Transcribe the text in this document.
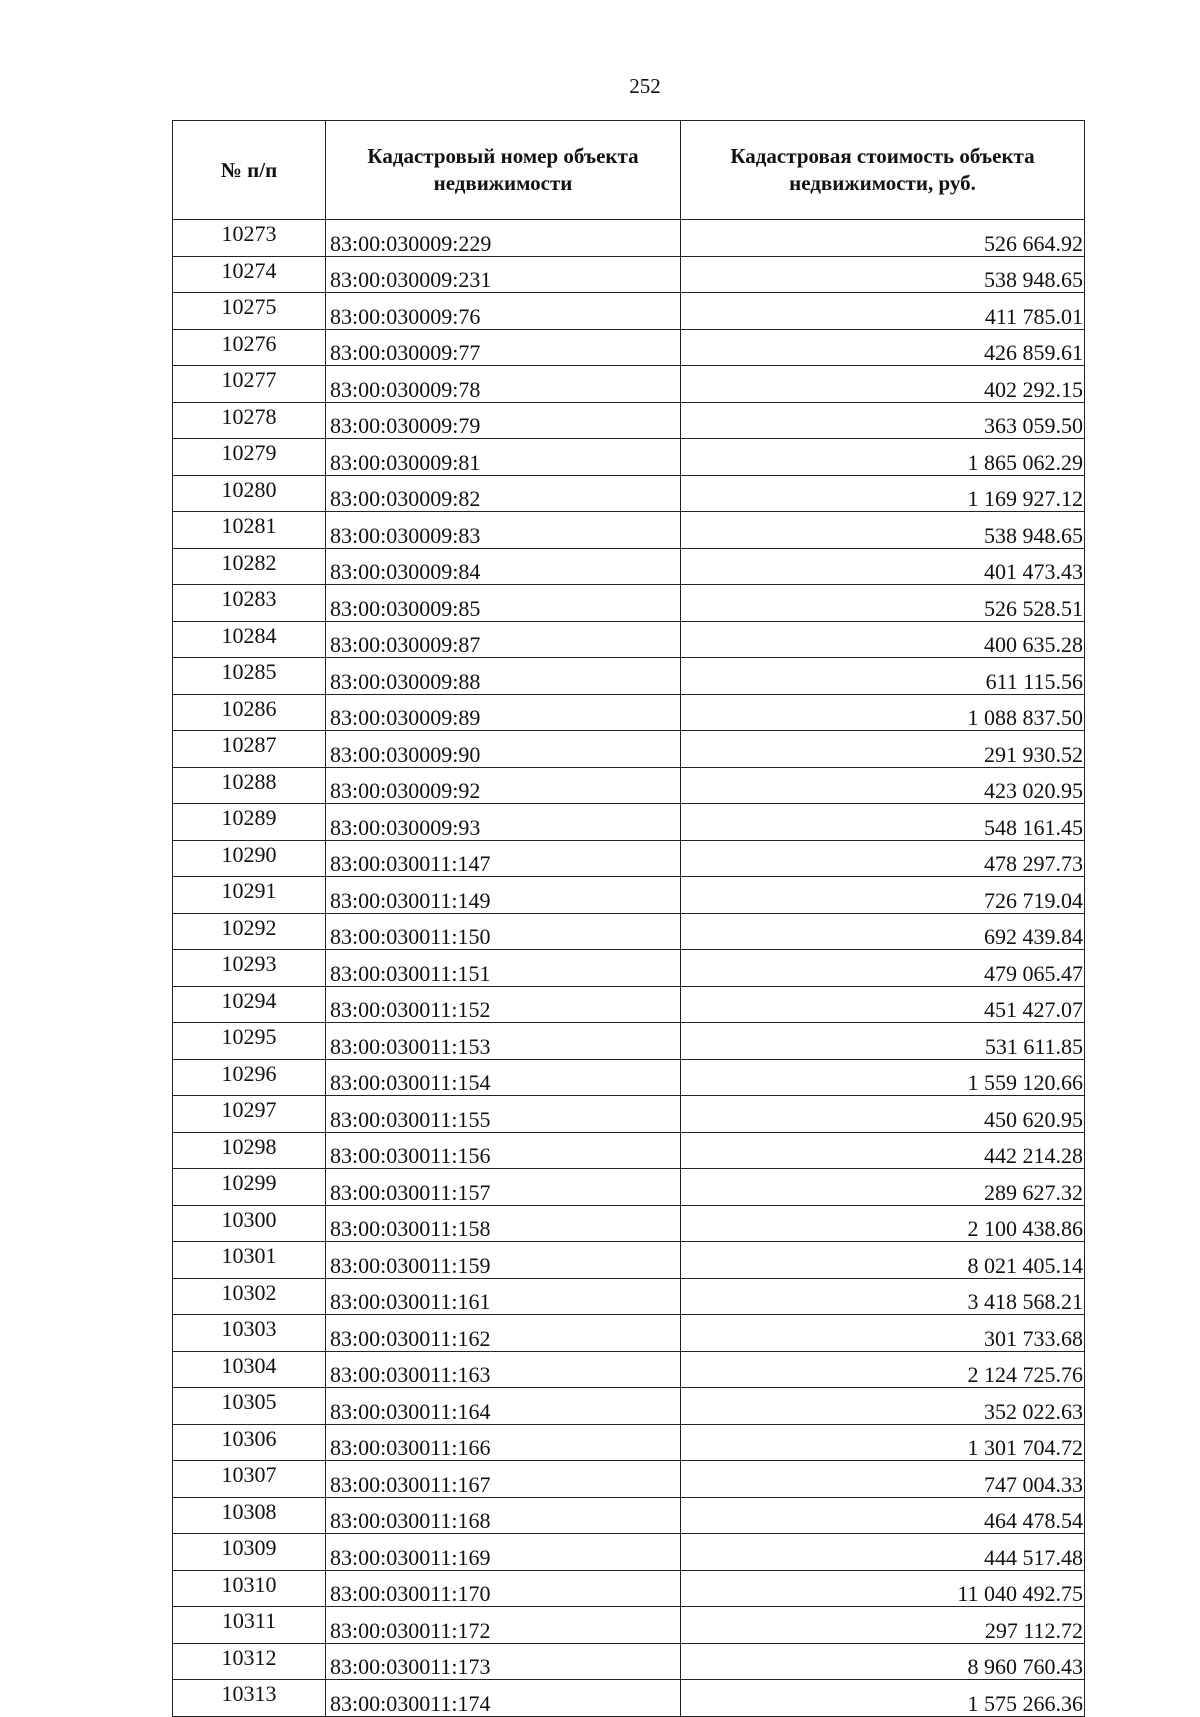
252
№ п/п	Кадастровый номер объекта недвижимости	Кадастровая стоимость объекта недвижимости, руб.
10273	83:00:030009:229	526 664.92
10274	83:00:030009:231	538 948.65
10275	83:00:030009:76	411 785.01
10276	83:00:030009:77	426 859.61
10277	83:00:030009:78	402 292.15
10278	83:00:030009:79	363 059.50
10279	83:00:030009:81	1 865 062.29
10280	83:00:030009:82	1 169 927.12
10281	83:00:030009:83	538 948.65
10282	83:00:030009:84	401 473.43
10283	83:00:030009:85	526 528.51
10284	83:00:030009:87	400 635.28
10285	83:00:030009:88	611 115.56
10286	83:00:030009:89	1 088 837.50
10287	83:00:030009:90	291 930.52
10288	83:00:030009:92	423 020.95
10289	83:00:030009:93	548 161.45
10290	83:00:030011:147	478 297.73
10291	83:00:030011:149	726 719.04
10292	83:00:030011:150	692 439.84
10293	83:00:030011:151	479 065.47
10294	83:00:030011:152	451 427.07
10295	83:00:030011:153	531 611.85
10296	83:00:030011:154	1 559 120.66
10297	83:00:030011:155	450 620.95
10298	83:00:030011:156	442 214.28
10299	83:00:030011:157	289 627.32
10300	83:00:030011:158	2 100 438.86
10301	83:00:030011:159	8 021 405.14
10302	83:00:030011:161	3 418 568.21
10303	83:00:030011:162	301 733.68
10304	83:00:030011:163	2 124 725.76
10305	83:00:030011:164	352 022.63
10306	83:00:030011:166	1 301 704.72
10307	83:00:030011:167	747 004.33
10308	83:00:030011:168	464 478.54
10309	83:00:030011:169	444 517.48
10310	83:00:030011:170	11 040 492.75
10311	83:00:030011:172	297 112.72
10312	83:00:030011:173	8 960 760.43
10313	83:00:030011:174	1 575 266.36
